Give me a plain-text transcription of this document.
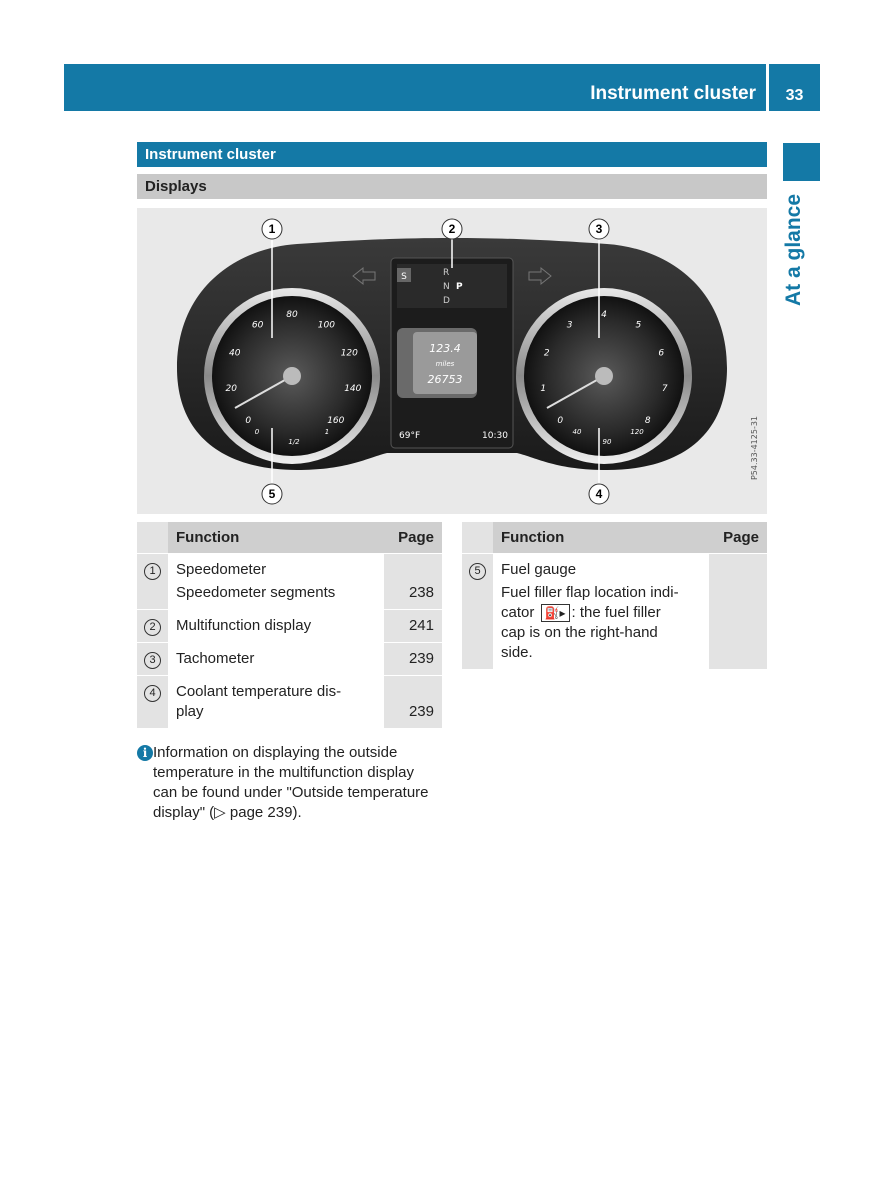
Instrument cluster	33
At a glance
Instrument cluster
Displays
0
20
40
60
80
100
120
140
160	0
1
2
3
4
5
6
7
8
S	R
N P
D
123.4
miles
26753
69°F	10:30
0
1/2
1	40
90
120
1	2	3
4
5
P54.33-4125-31
	Function	Page
1	Speedometer
Speedometer segments	238
2	Multifunction display	241
3	Tachometer	239
4	Coolant temperature dis-
play	239
	Function	Page
5	Fuel gauge
Fuel filler flap location indi-
cator ⛽▸ : the fuel filler
cap is on the right-hand
side.	

i Information on displaying the outside temperature in the multifunction display can be found under "Outside temperature display" (▷ page 239).
